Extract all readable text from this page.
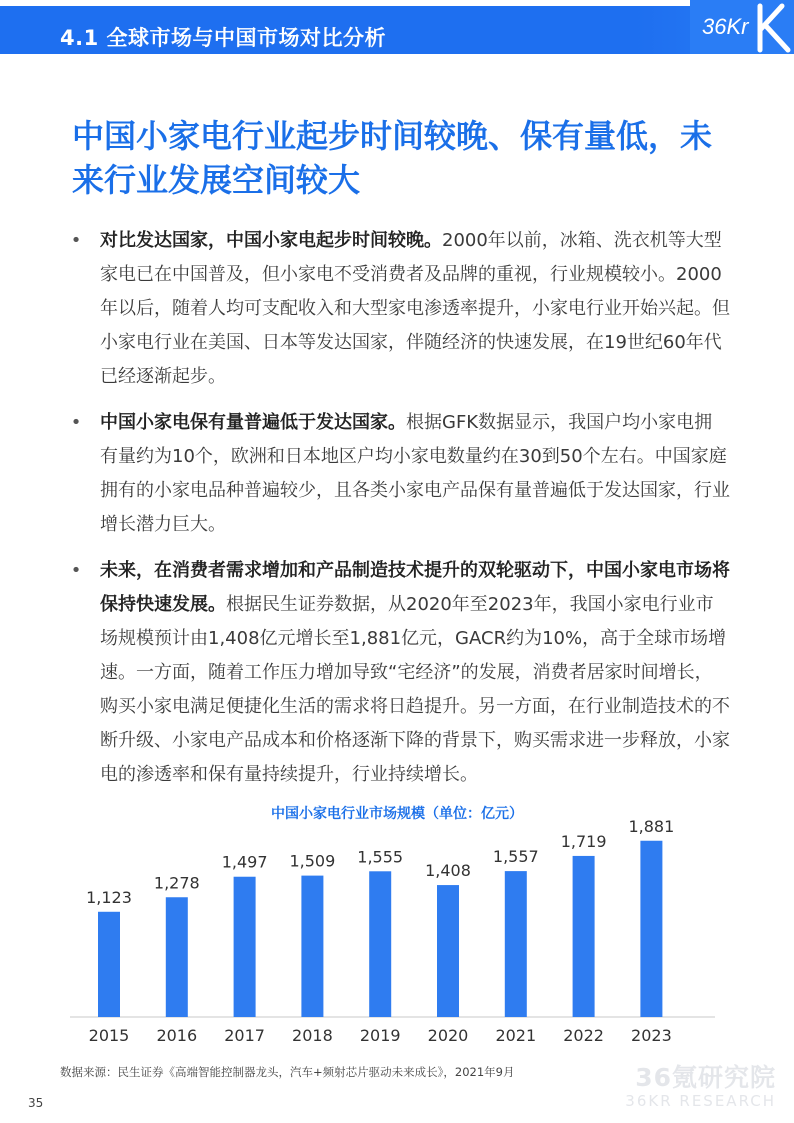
4.1 全球市场与中国市场对比分析	36Kr
中国小家电行业起步时间较晚、保有量低，未来行业发展空间较大
• 对比发达国家，中国小家电起步时间较晚。2000年以前，冰箱、洗衣机等大型家电已在中国普及，但小家电不受消费者及品牌的重视，行业规模较小。2000年以后，随着人均可支配收入和大型家电渗透率提升，小家电行业开始兴起。但小家电行业在美国、日本等发达国家，伴随经济的快速发展，在19世纪60年代已经逐渐起步。
• 中国小家电保有量普遍低于发达国家。根据GFK数据显示，我国户均小家电拥有量约为10个，欧洲和日本地区户均小家电数量约在30到50个左右。中国家庭拥有的小家电品种普遍较少，且各类小家电产品保有量普遍低于发达国家，行业增长潜力巨大。
• 未来，在消费者需求增加和产品制造技术提升的双轮驱动下，中国小家电市场将保持快速发展。根据民生证券数据，从2020年至2023年，我国小家电行业市场规模预计由1,408亿元增长至1,881亿元，GACR约为10%，高于全球市场增速。一方面，随着工作压力增加导致“宅经济”的发展，消费者居家时间增长，购买小家电满足便捷化生活的需求将日趋提升。另一方面，在行业制造技术的不断升级、小家电产品成本和价格逐渐下降的背景下，购买需求进一步释放，小家电的渗透率和保有量持续提升，行业持续增长。
中国小家电行业市场规模（单位：亿元）
1,123
2015
1,278
2016
1,497
2017
1,509
2018
1,555
2019
1,408
2020
1,557
2021
1,719
2022
1,881
2023
数据来源：民生证券《高端智能控制器龙头，汽车+频射芯片驱动未来成长》，2021年9月	36氪研究院
36KR RESEARCH
35
